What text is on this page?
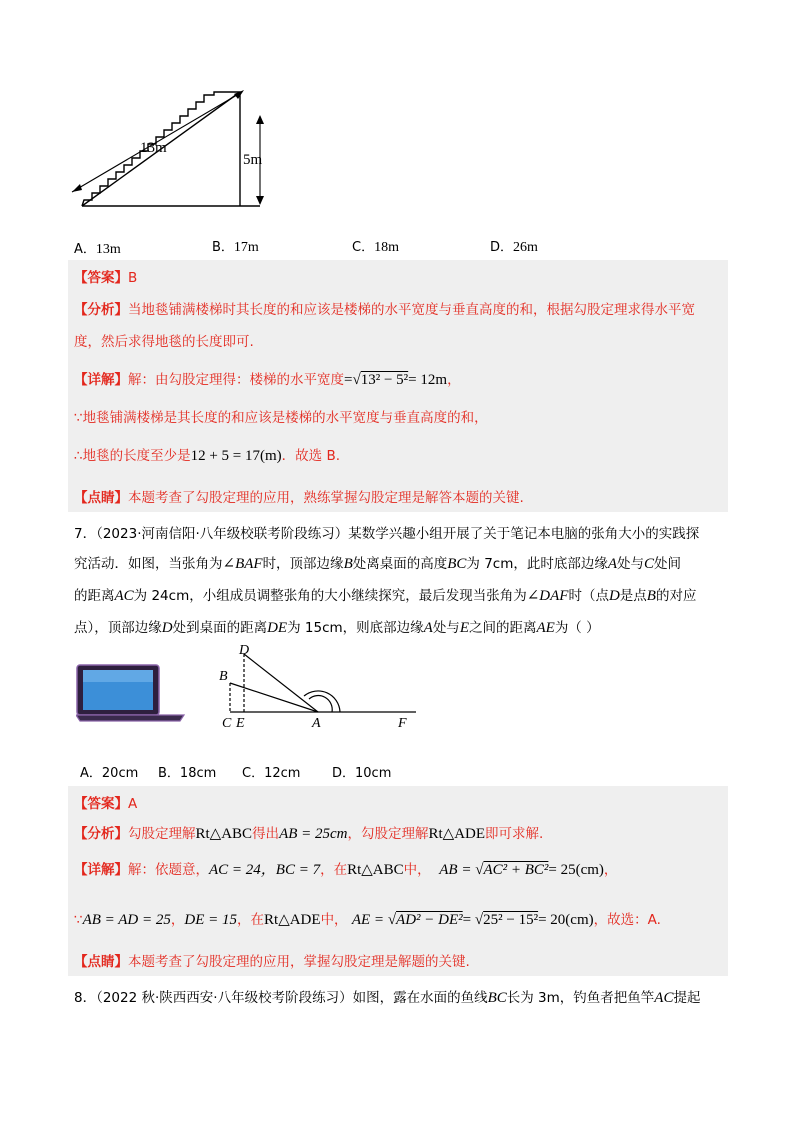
13m
5m
A．13m	B．17m	C．18m	D．26m
【答案】B
【分析】当地毯铺满楼梯时其长度的和应该是楼梯的水平宽度与垂直高度的和，根据勾股定理求得水平宽
度，然后求得地毯的长度即可.
【详解】解：由勾股定理得：楼梯的水平宽度=√13² − 5²= 12m，
∵地毯铺满楼梯是其长度的和应该是楼梯的水平宽度与垂直高度的和，
∴地毯的长度至少是12 + 5 = 17(m)．故选 B.
【点睛】本题考查了勾股定理的应用，熟练掌握勾股定理是解答本题的关键.
7．（2023·河南信阳·八年级校联考阶段练习）某数学兴趣小组开展了关于笔记本电脑的张角大小的实践探
究活动．如图，当张角为∠BAF时，顶部边缘B处离桌面的高度BC为 7cm，此时底部边缘A处与C处间
的距离AC为 24cm，小组成员调整张角的大小继续探究，最后发现当张角为∠DAF时（点D是点B的对应
点），顶部边缘D处到桌面的距离DE为 15cm，则底部边缘A处与E之间的距离AE为（ ）
D
B
C E	A	F
A．20cm B．18cm C．12cm D．10cm
【答案】A
【分析】勾股定理解Rt△ABC得出AB = 25cm，勾股定理解Rt△ADE即可求解.
【详解】解：依题意，AC = 24，BC = 7，在Rt△ABC中， AB = √AC² + BC²= 25(cm)，
∵AB = AD = 25，DE = 15，在Rt△ADE中， AE = √AD² − DE²= √25² − 15²= 20(cm)，故选：A.
【点睛】本题考查了勾股定理的应用，掌握勾股定理是解题的关键.
8．（2022 秋·陕西西安·八年级校考阶段练习）如图，露在水面的鱼线BC长为 3m，钓鱼者把鱼竿AC提起
